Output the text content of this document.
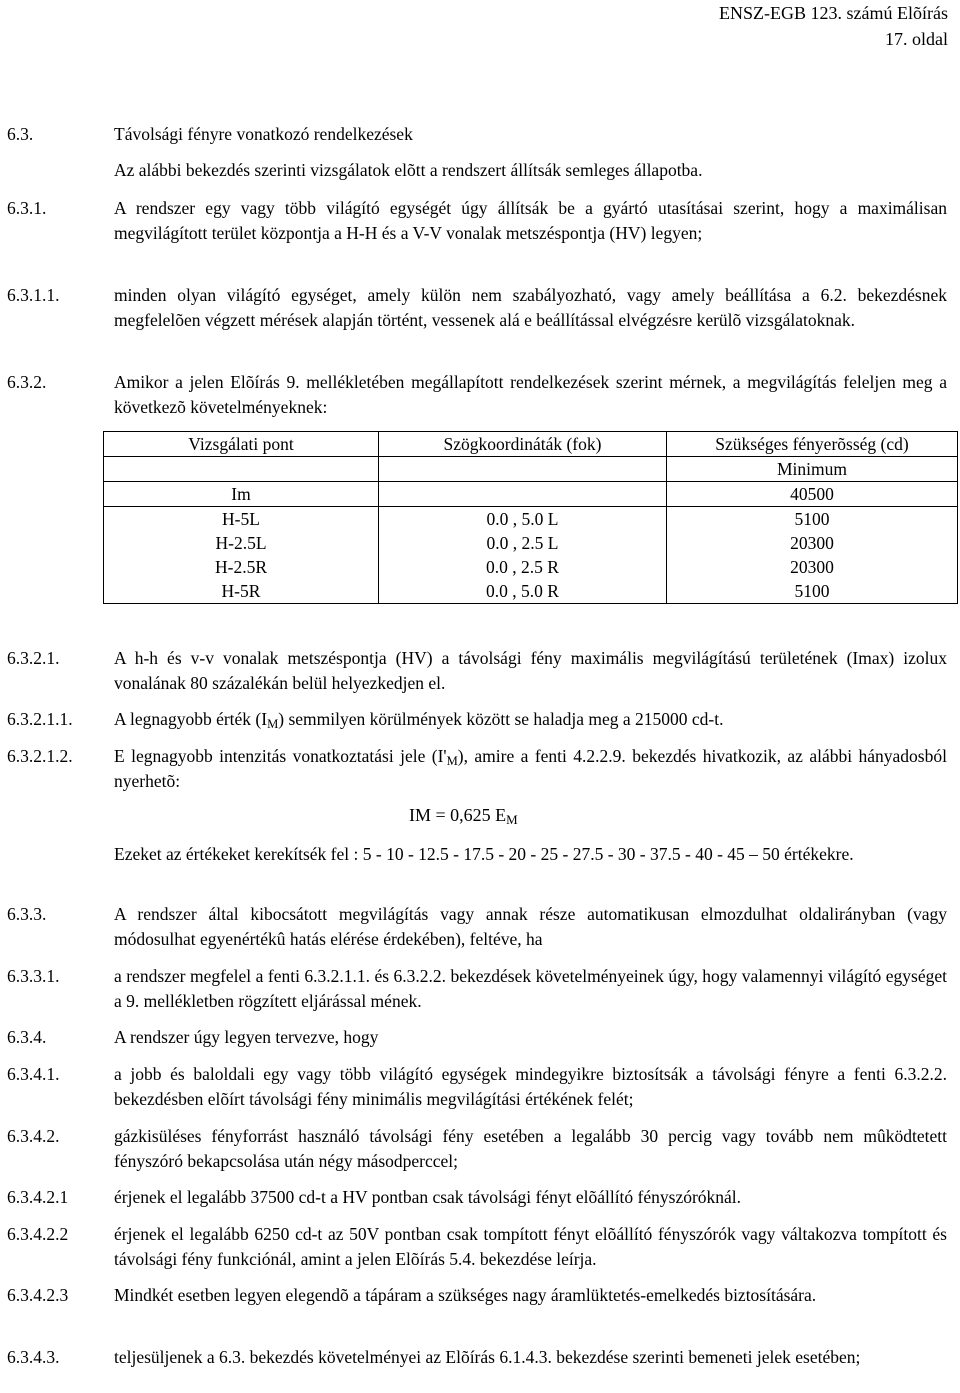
ENSZ-EGB 123. számú Elõírás
17. oldal
6.3.	Távolsági fényre vonatkozó rendelkezések
Az alábbi bekezdés szerinti vizsgálatok elõtt a rendszert állítsák semleges állapotba.
6.3.1.	A rendszer egy vagy több világító egységét úgy állítsák be a gyártó utasításai szerint, hogy a maximálisan megvilágított terület központja a H-H és a V-V vonalak metszéspontja (HV) legyen;
6.3.1.1.	minden olyan világító egységet, amely külön nem szabályozható, vagy amely beállítása a 6.2. bekezdésnek megfelelõen végzett mérések alapján történt, vessenek alá e beállítással elvégzésre kerülõ vizsgálatoknak.
6.3.2.	Amikor a jelen Elõírás 9. mellékletében megállapított rendelkezések szerint mérnek, a megvilágítás feleljen meg a következõ követelményeknek:
Vizsgálati pont	Szögkoordináták (fok)	Szükséges fényerõsség (cd)
		Minimum
Im		40500
H-5L	0.0 , 5.0 L	5100
H-2.5L	0.0 , 2.5 L	20300
H-2.5R	0.0 , 2.5 R	20300
H-5R	0.0 , 5.0 R	5100
6.3.2.1.	A h-h és v-v vonalak metszéspontja (HV) a távolsági fény maximális megvilágítású területének (Imax) izolux vonalának 80 százalékán belül helyezkedjen el.
6.3.2.1.1. A legnagyobb érték $(I_M)$ semmilyen körülmények között se haladja meg a 215000 cd-t.
6.3.2.1.2. E legnagyobb intenzitás vonatkoztatási jele $(I'_M)$, amire a fenti 4.2.2.9. bekezdés hivatkozik, az alábbi hányadosból nyerhetõ:
IM = 0,625 $E_M$
Ezeket az értékeket kerekítsék fel : 5 - 10 - 12.5 - 17.5 - 20 - 25 - 27.5 - 30 - 37.5 - 40 - 45 – 50 értékekre.
6.3.3.	A rendszer által kibocsátott megvilágítás vagy annak része automatikusan elmozdulhat oldalirányban (vagy módosulhat egyenértékû hatás elérése érdekében), feltéve, ha
6.3.3.1.	a rendszer megfelel a fenti 6.3.2.1.1. és 6.3.2.2. bekezdések követelményeinek úgy, hogy valamennyi világító egységet a 9. mellékletben rögzített eljárással mének.
6.3.4.	A rendszer úgy legyen tervezve, hogy
6.3.4.1.	a jobb és baloldali egy vagy több világító egységek mindegyikre biztosítsák a távolsági fényre a fenti 6.3.2.2. bekezdésben elõírt távolsági fény minimális megvilágítási értékének felét;
6.3.4.2.	gázkisüléses fényforrást használó távolsági fény esetében a legalább 30 percig vagy tovább nem mûködtetett fényszóró bekapcsolása után négy másodperccel;
6.3.4.2.1	érjenek el legalább 37500 cd-t a HV pontban csak távolsági fényt elõállító fényszóróknál.
6.3.4.2.2	érjenek el legalább 6250 cd-t az 50V pontban csak tompított fényt elõállító fényszórók vagy váltakozva tompított és távolsági fény funkciónál, amint a jelen Elõírás 5.4. bekezdése leírja.
6.3.4.2.3	Mindkét esetben legyen elegendõ a tápáram a szükséges nagy áramlüktetés-emelkedés biztosítására.
6.3.4.3.	teljesüljenek a 6.3. bekezdés követelményei az Elõírás 6.1.4.3. bekezdése szerinti bemeneti jelek esetében;
